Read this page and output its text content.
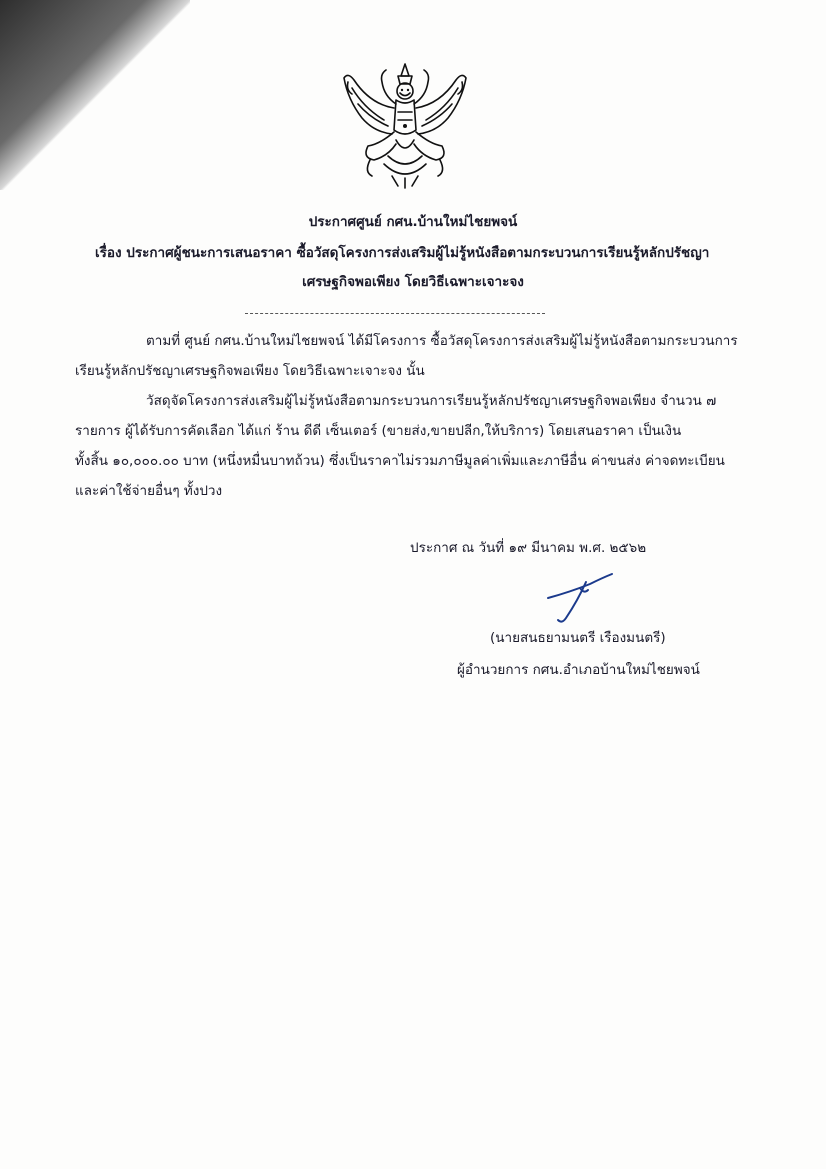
ประกาศศูนย์ กศน.บ้านใหม่ไชยพจน์
เรื่อง ประกาศผู้ชนะการเสนอราคา ซื้อวัสดุโครงการส่งเสริมผู้ไม่รู้หนังสือตามกระบวนการเรียนรู้หลักปรัชญา
เศรษฐกิจพอเพียง โดยวิธีเฉพาะเจาะจง
ตามที่ ศูนย์ กศน.บ้านใหม่ไชยพจน์ ได้มีโครงการ ซื้อวัสดุโครงการส่งเสริมผู้ไม่รู้หนังสือตามกระบวนการ
เรียนรู้หลักปรัชญาเศรษฐกิจพอเพียง โดยวิธีเฉพาะเจาะจง นั้น
วัสดุจัดโครงการส่งเสริมผู้ไม่รู้หนังสือตามกระบวนการเรียนรู้หลักปรัชญาเศรษฐกิจพอเพียง จำนวน ๗
รายการ ผู้ได้รับการคัดเลือก ได้แก่ ร้าน ดีดี เซ็นเตอร์ (ขายส่ง,ขายปลีก,ให้บริการ) โดยเสนอราคา เป็นเงิน
ทั้งสิ้น ๑๐,๐๐๐.๐๐ บาท (หนึ่งหมื่นบาทถ้วน) ซึ่งเป็นราคาไม่รวมภาษีมูลค่าเพิ่มและภาษีอื่น ค่าขนส่ง ค่าจดทะเบียน
และค่าใช้จ่ายอื่นๆ ทั้งปวง
ประกาศ ณ วันที่ ๑๙ มีนาคม พ.ศ. ๒๕๖๒
(นายสนธยามนตรี เรืองมนตรี)
ผู้อำนวยการ กศน.อำเภอบ้านใหม่ไชยพจน์
